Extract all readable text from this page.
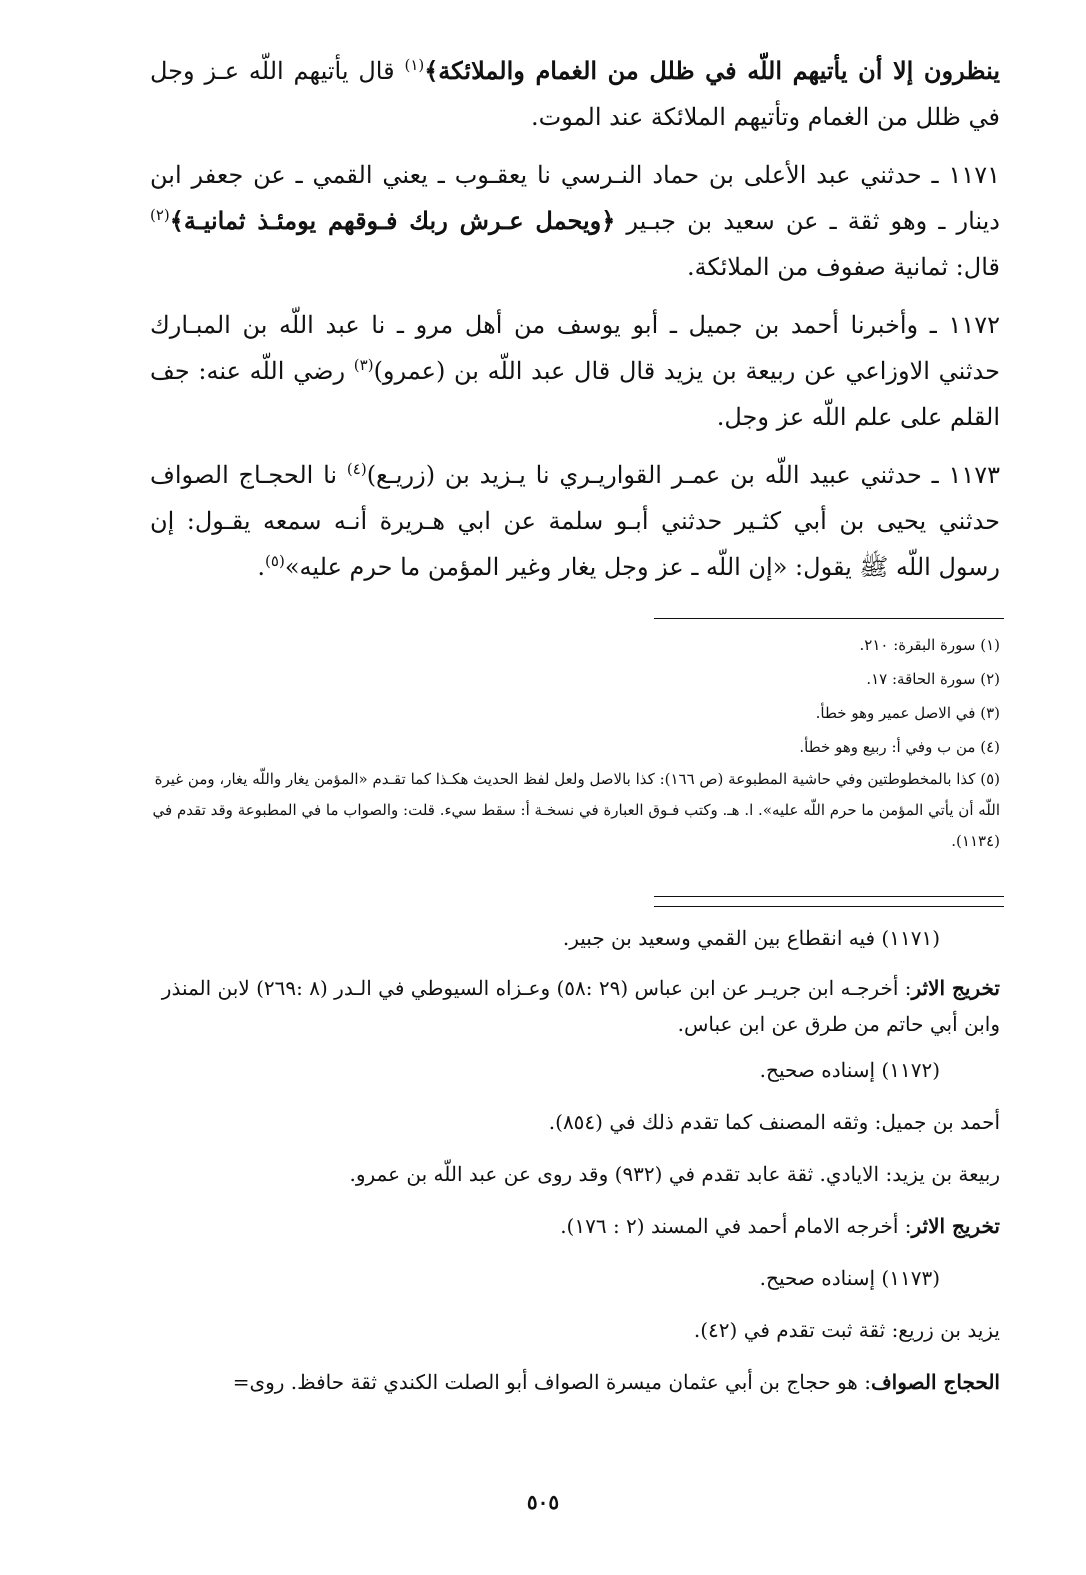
ينظرون إلا أن يأتيهم اللّه في ظلل من الغمام والملائكة﴾$^{(١)}$ قال يأتيهم اللّه عـز وجل في ظلل من الغمام وتأتيهم الملائكة عند الموت.

١١٧١ ـ حدثني عبد الأعلى بن حماد النـرسي نا يعقـوب ـ يعني القمي ـ عن جعفر ابن دينار ـ وهو ثقة ـ عن سعيد بن جبـير ﴿ويحمل عـرش ربك فـوقهم يومئـذ ثمانيـة﴾$^{(٢)}$ قال: ثمانية صفوف من الملائكة.

١١٧٢ ـ وأخبرنا أحمد بن جميل ـ أبو يوسف من أهل مرو ـ نا عبد اللّه بن المبـارك حدثني الاوزاعي عن ربيعة بن يزيد قال قال عبد اللّه بن (عمرو)$^{(٣)}$ رضي اللّه عنه: جف القلم على علم اللّه عز وجل.

١١٧٣ ـ حدثني عبيد اللّه بن عمـر القواريـري نا يـزيد بن (زريـع)$^{(٤)}$ نا الحجـاج الصواف حدثني يحيى بن أبي كثـير حدثني أبـو سلمة عن ابي هـريرة أنـه سمعه يقـول: إن رسول اللّه ﷺ يقول: «إن اللّه ـ عز وجل يغار وغير المؤمن ما حرم عليه»$^{(٥)}$.

(١) سورة البقرة: ٢١٠.

(٢) سورة الحاقة: ١٧.

(٣) في الاصل عمير وهو خطأ.

(٤) من ب وفي أ: ربيع وهو خطأ.

(٥) كذا بالمخطوطتين وفي حاشية المطبوعة (ص ١٦٦): كذا بالاصل ولعل لفظ الحديث هكـذا كما تقـدم «المؤمن يغار واللّه يغار، ومن غيرة اللّه أن يأتي المؤمن ما حرم اللّه عليه». ا. هـ. وكتب فـوق العبارة في نسخـة أ: سقط سيء. قلت: والصواب ما في المطبوعة وقد تقدم في (١١٣٤).

(١١٧١) فيه انقطاع بين القمي وسعيد بن جبير.

تخريج الاثر: أخرجـه ابن جريـر عن ابن عباس (٢٩ :٥٨) وعـزاه السيوطي في الـدر (٨ :٢٦٩) لابن المنذر وابن أبي حاتم من طرق عن ابن عباس.

(١١٧٢) إسناده صحيح.

أحمد بن جميل: وثقه المصنف كما تقدم ذلك في (٨٥٤).

ربيعة بن يزيد: الايادي. ثقة عابد تقدم في (٩٣٢) وقد روى عن عبد اللّه بن عمرو.

تخريج الاثر: أخرجه الامام أحمد في المسند (٢ : ١٧٦).

(١١٧٣) إسناده صحيح.

يزيد بن زريع: ثقة ثبت تقدم في (٤٢).

الحجاج الصواف: هو حجاج بن أبي عثمان ميسرة الصواف أبو الصلت الكندي ثقة حافظ. روى=

٥٠٥
